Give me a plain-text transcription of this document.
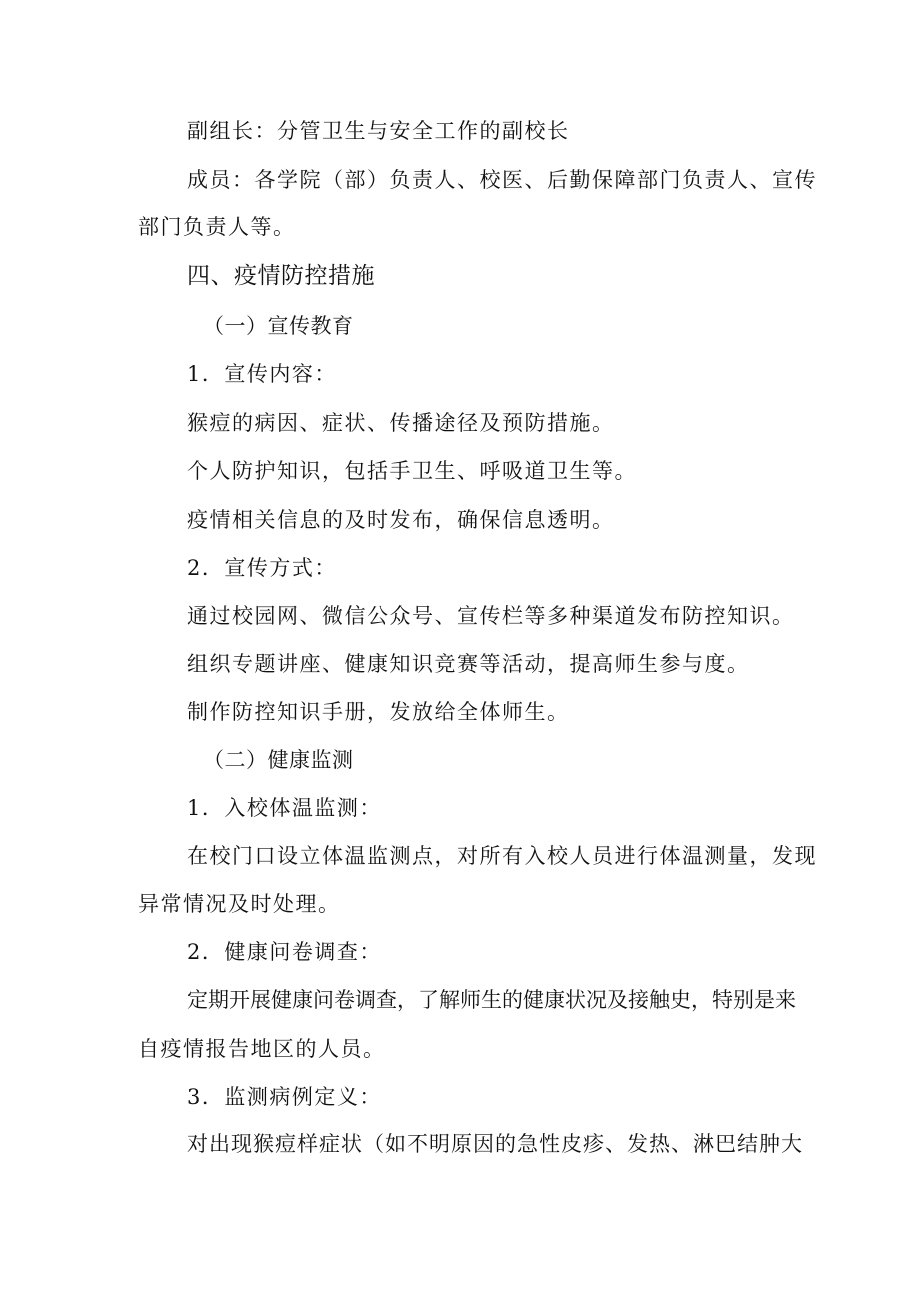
副组长：分管卫生与安全工作的副校长
成员：各学院（部）负责人、校医、后勤保障部门负责人、宣传
部门负责人等。
四、疫情防控措施
（一）宣传教育
1．宣传内容：
猴痘的病因、症状、传播途径及预防措施。
个人防护知识，包括手卫生、呼吸道卫生等。
疫情相关信息的及时发布，确保信息透明。
2．宣传方式：
通过校园网、微信公众号、宣传栏等多种渠道发布防控知识。
组织专题讲座、健康知识竞赛等活动，提高师生参与度。
制作防控知识手册，发放给全体师生。
（二）健康监测
1．入校体温监测：
在校门口设立体温监测点，对所有入校人员进行体温测量，发现
异常情况及时处理。
2．健康问卷调查：
定期开展健康问卷调查，了解师生的健康状况及接触史，特别是来
自疫情报告地区的人员。
3．监测病例定义：
对出现猴痘样症状（如不明原因的急性皮疹、发热、淋巴结肿大
